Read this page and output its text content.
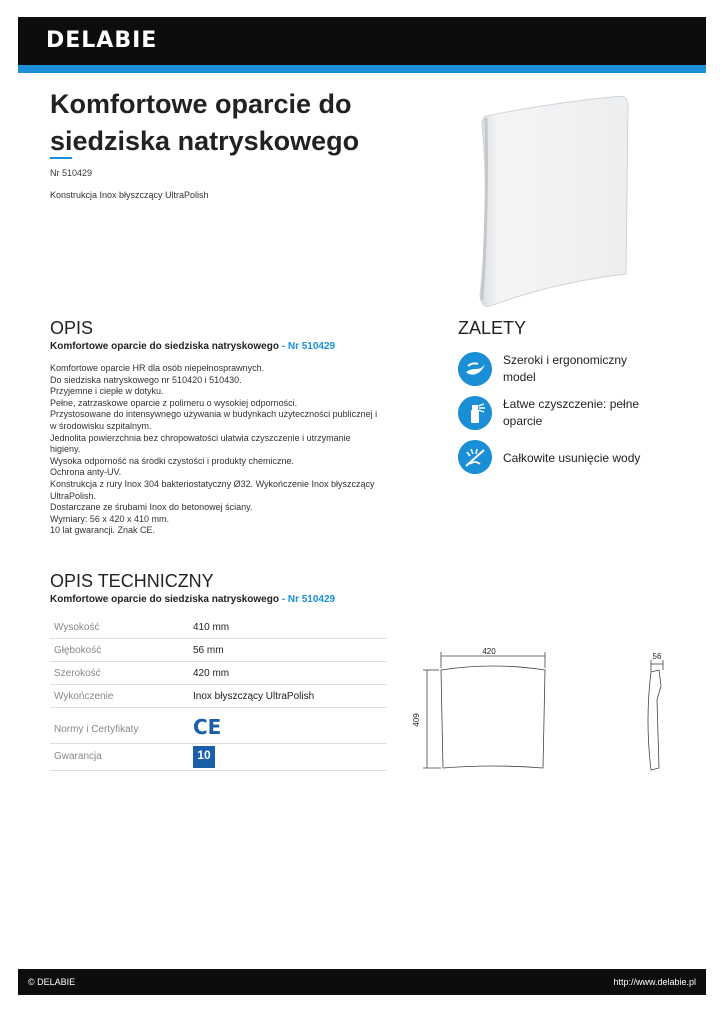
DELABIE
Komfortowe oparcie do siedziska natryskowego
Nr 510429
Konstrukcja Inox błyszczący UltraPolish
OPIS
Komfortowe oparcie do siedziska natryskowego - Nr 510429
Komfortowe oparcie HR dla osób niepełnosprawnych.
Do siedziska natryskowego nr 510420 i 510430.
Przyjemne i ciepłe w dotyku.
Pełne, zatrzaskowe oparcie z polimeru o wysokiej odporności.
Przystosowane do intensywnego używania w budynkach użyteczności publicznej i w środowisku szpitalnym.
Jednolita powierzchnia bez chropowatości ułatwia czyszczenie i utrzymanie higieny.
Wysoka odporność na środki czystości i produkty chemiczne.
Ochrona anty-UV.
Konstrukcja z rury Inox 304 bakteriostatyczny Ø32. Wykończenie Inox błyszczący UltraPolish.
Dostarczane ze śrubami Inox do betonowej ściany.
Wymiary: 56 x 420 x 410 mm.
10 lat gwarancji. Znak CE.
ZALETY
Szeroki i ergonomiczny model
Łatwe czyszczenie: pełne oparcie
Całkowite usunięcie wody
OPIS TECHNICZNY
Komfortowe oparcie do siedziska natryskowego - Nr 510429
Wysokość	410 mm
Głębokość	56 mm
Szerokość	420 mm
Wykończenie	Inox błyszczący UltraPolish
Normy i Certyfikaty	CE
Gwarancja	10
420
409
56
© DELABIE	http://www.delabie.pl
